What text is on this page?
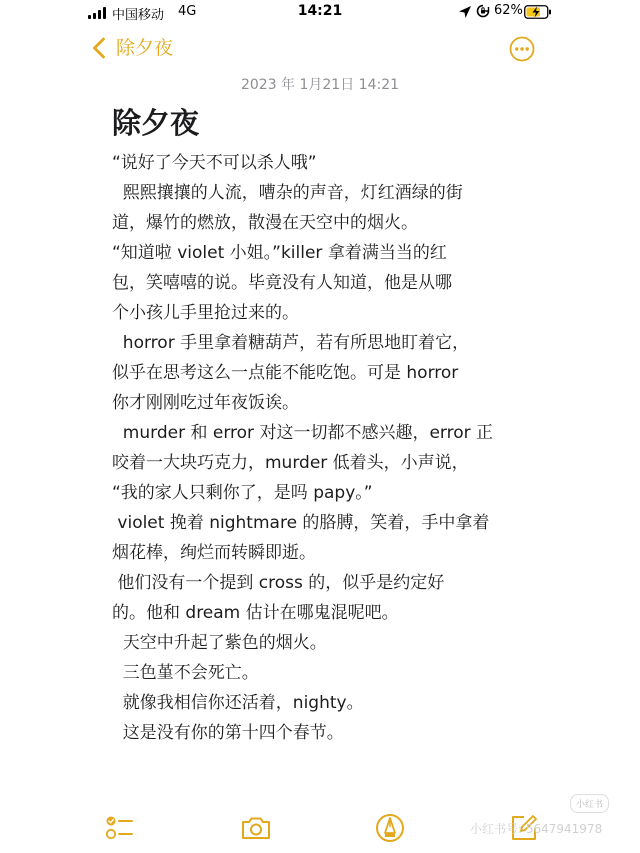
中国移动 4G	14:21	62%
除夕夜
2023 年 1月21日 14:21
除夕夜
“说好了今天不可以杀人哦”
熙熙攘攘的人流，嘈杂的声音，灯红酒绿的街
道，爆竹的燃放，散漫在天空中的烟火。
“知道啦 violet 小姐。”killer 拿着满当当的红
包，笑嘻嘻的说。毕竟没有人知道，他是从哪
个小孩儿手里抢过来的。
horror 手里拿着糖葫芦，若有所思地盯着它，
似乎在思考这么一点能不能吃饱。可是 horror
你才刚刚吃过年夜饭诶。
murder 和 error 对这一切都不感兴趣，error 正
咬着一大块巧克力，murder 低着头，小声说，
“我的家人只剩你了，是吗 papy。”
violet 挽着 nightmare 的胳膊，笑着，手中拿着
烟花棒，绚烂而转瞬即逝。
他们没有一个提到 cross 的，似乎是约定好
的。他和 dream 估计在哪鬼混呢吧。
天空中升起了紫色的烟火。
三色堇不会死亡。
就像我相信你还活着，nighty。
这是没有你的第十四个春节。
小红书
小红书号: 5647941978
